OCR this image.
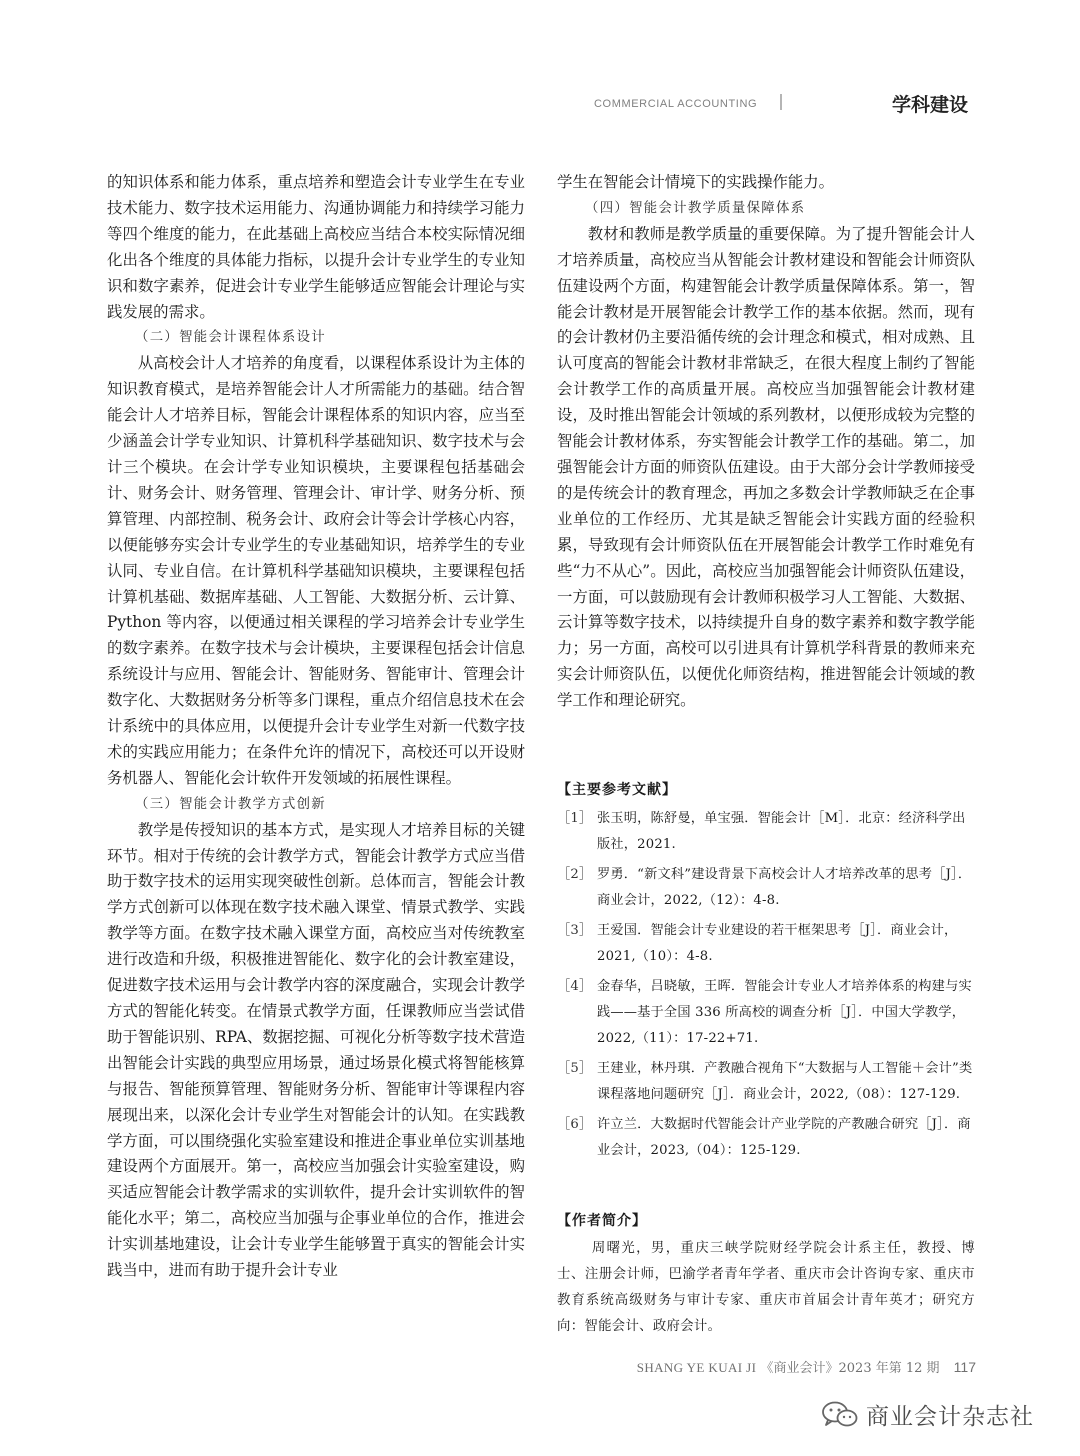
COMMERCIAL ACCOUNTING	学科建设

的知识体系和能力体系，重点培养和塑造会计专业学生在专业技术能力、数字技术运用能力、沟通协调能力和持续学习能力等四个维度的能力，在此基础上高校应当结合本校实际情况细化出各个维度的具体能力指标，以提升会计专业学生的专业知识和数字素养，促进会计专业学生能够适应智能会计理论与实践发展的需求。

（二）智能会计课程体系设计

从高校会计人才培养的角度看，以课程体系设计为主体的知识教育模式，是培养智能会计人才所需能力的基础。结合智能会计人才培养目标，智能会计课程体系的知识内容，应当至少涵盖会计学专业知识、计算机科学基础知识、数字技术与会计三个模块。在会计学专业知识模块，主要课程包括基础会计、财务会计、财务管理、管理会计、审计学、财务分析、预算管理、内部控制、税务会计、政府会计等会计学核心内容，以便能够夯实会计专业学生的专业基础知识，培养学生的专业认同、专业自信。在计算机科学基础知识模块，主要课程包括计算机基础、数据库基础、人工智能、大数据分析、云计算、Python 等内容，以便通过相关课程的学习培养会计专业学生的数字素养。在数字技术与会计模块，主要课程包括会计信息系统设计与应用、智能会计、智能财务、智能审计、管理会计数字化、大数据财务分析等多门课程，重点介绍信息技术在会计系统中的具体应用，以便提升会计专业学生对新一代数字技术的实践应用能力；在条件允许的情况下，高校还可以开设财务机器人、智能化会计软件开发领域的拓展性课程。

（三）智能会计教学方式创新

教学是传授知识的基本方式，是实现人才培养目标的关键环节。相对于传统的会计教学方式，智能会计教学方式应当借助于数字技术的运用实现突破性创新。总体而言，智能会计教学方式创新可以体现在数字技术融入课堂、情景式教学、实践教学等方面。在数字技术融入课堂方面，高校应当对传统教室进行改造和升级，积极推进智能化、数字化的会计教室建设，促进数字技术运用与会计教学内容的深度融合，实现会计教学方式的智能化转变。在情景式教学方面，任课教师应当尝试借助于智能识别、RPA、数据挖掘、可视化分析等数字技术营造出智能会计实践的典型应用场景，通过场景化模式将智能核算与报告、智能预算管理、智能财务分析、智能审计等课程内容展现出来，以深化会计专业学生对智能会计的认知。在实践教学方面，可以围绕强化实验室建设和推进企事业单位实训基地建设两个方面展开。第一，高校应当加强会计实验室建设，购买适应智能会计教学需求的实训软件，提升会计实训软件的智能化水平；第二，高校应当加强与企事业单位的合作，推进会计实训基地建设，让会计专业学生能够置于真实的智能会计实践当中，进而有助于提升会计专业

学生在智能会计情境下的实践操作能力。

（四）智能会计教学质量保障体系

教材和教师是教学质量的重要保障。为了提升智能会计人才培养质量，高校应当从智能会计教材建设和智能会计师资队伍建设两个方面，构建智能会计教学质量保障体系。第一，智能会计教材是开展智能会计教学工作的基本依据。然而，现有的会计教材仍主要沿循传统的会计理念和模式，相对成熟、且认可度高的智能会计教材非常缺乏，在很大程度上制约了智能会计教学工作的高质量开展。高校应当加强智能会计教材建设，及时推出智能会计领域的系列教材，以便形成较为完整的智能会计教材体系，夯实智能会计教学工作的基础。第二，加强智能会计方面的师资队伍建设。由于大部分会计学教师接受的是传统会计的教育理念，再加之多数会计学教师缺乏在企事业单位的工作经历、尤其是缺乏智能会计实践方面的经验积累，导致现有会计师资队伍在开展智能会计教学工作时难免有些“力不从心”。因此，高校应当加强智能会计师资队伍建设，一方面，可以鼓励现有会计教师积极学习人工智能、大数据、云计算等数字技术，以持续提升自身的数字素养和数字教学能力；另一方面，高校可以引进具有计算机学科背景的教师来充实会计师资队伍，以便优化师资结构，推进智能会计领域的教学工作和理论研究。

【主要参考文献】
［1］ 张玉明，陈舒曼，单宝强．智能会计［M］．北京：经济科学出版社，2021.
［2］ 罗勇．“新文科”建设背景下高校会计人才培养改革的思考［J］．商业会计，2022,（12）：4-8.
［3］ 王爱国．智能会计专业建设的若干框架思考［J］．商业会计，2021,（10）：4-8.
［4］ 金春华，吕晓敏，王晖．智能会计专业人才培养体系的构建与实践——基于全国 336 所高校的调查分析［J］．中国大学教学，2022,（11）：17-22+71.
［5］ 王建业，林丹琪．产教融合视角下“大数据与人工智能＋会计”类课程落地问题研究［J］．商业会计，2022,（08）：127-129.
［6］ 许立兰．大数据时代智能会计产业学院的产教融合研究［J］．商业会计，2023,（04）：125-129.
【作者简介】
周曙光，男，重庆三峡学院财经学院会计系主任，教授、博士、注册会计师，巴渝学者青年学者、重庆市会计咨询专家、重庆市教育系统高级财务与审计专家、重庆市首届会计青年英才；研究方向：智能会计、政府会计。
SHANG YE KUAI JI 《商业会计》2023 年第 12 期 117
商业会计杂志社
